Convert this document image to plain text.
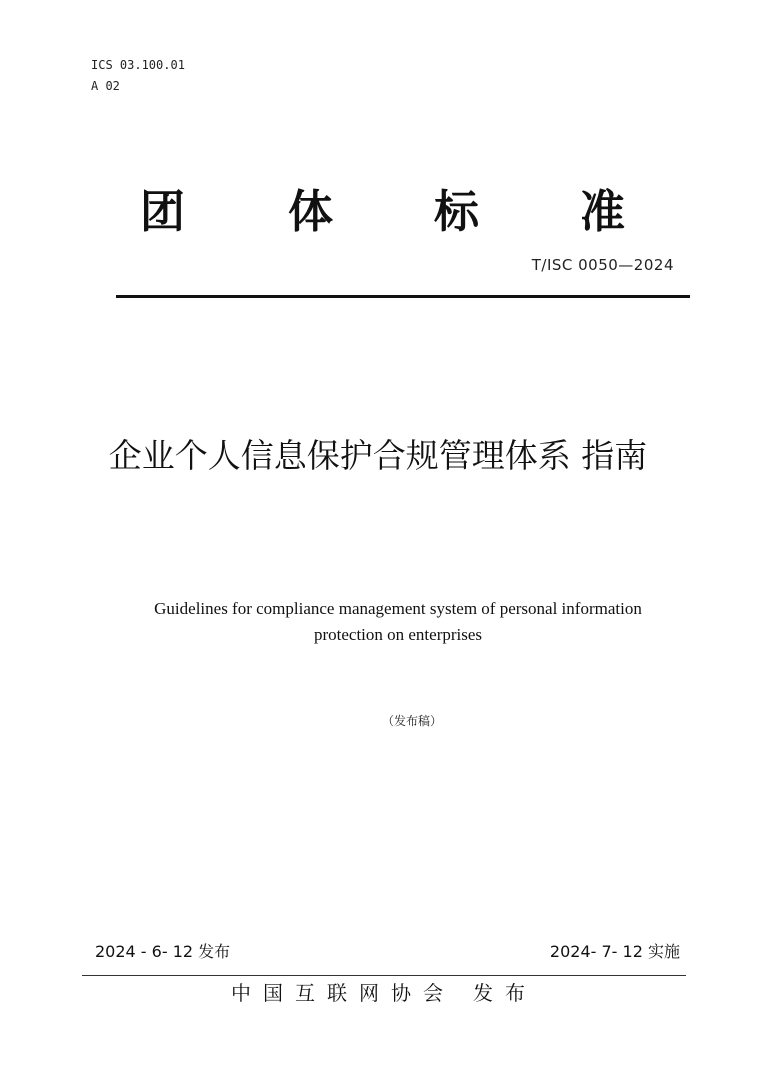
ICS 03.100.01
A 02
团 体 标 准
T/ISC 0050—2024
企业个人信息保护合规管理体系 指南
Guidelines for compliance management system of personal information
protection on enterprises
（发布稿）
2024 - 6- 12 发布	2024- 7- 12 实施
中国互联网协会 发布
